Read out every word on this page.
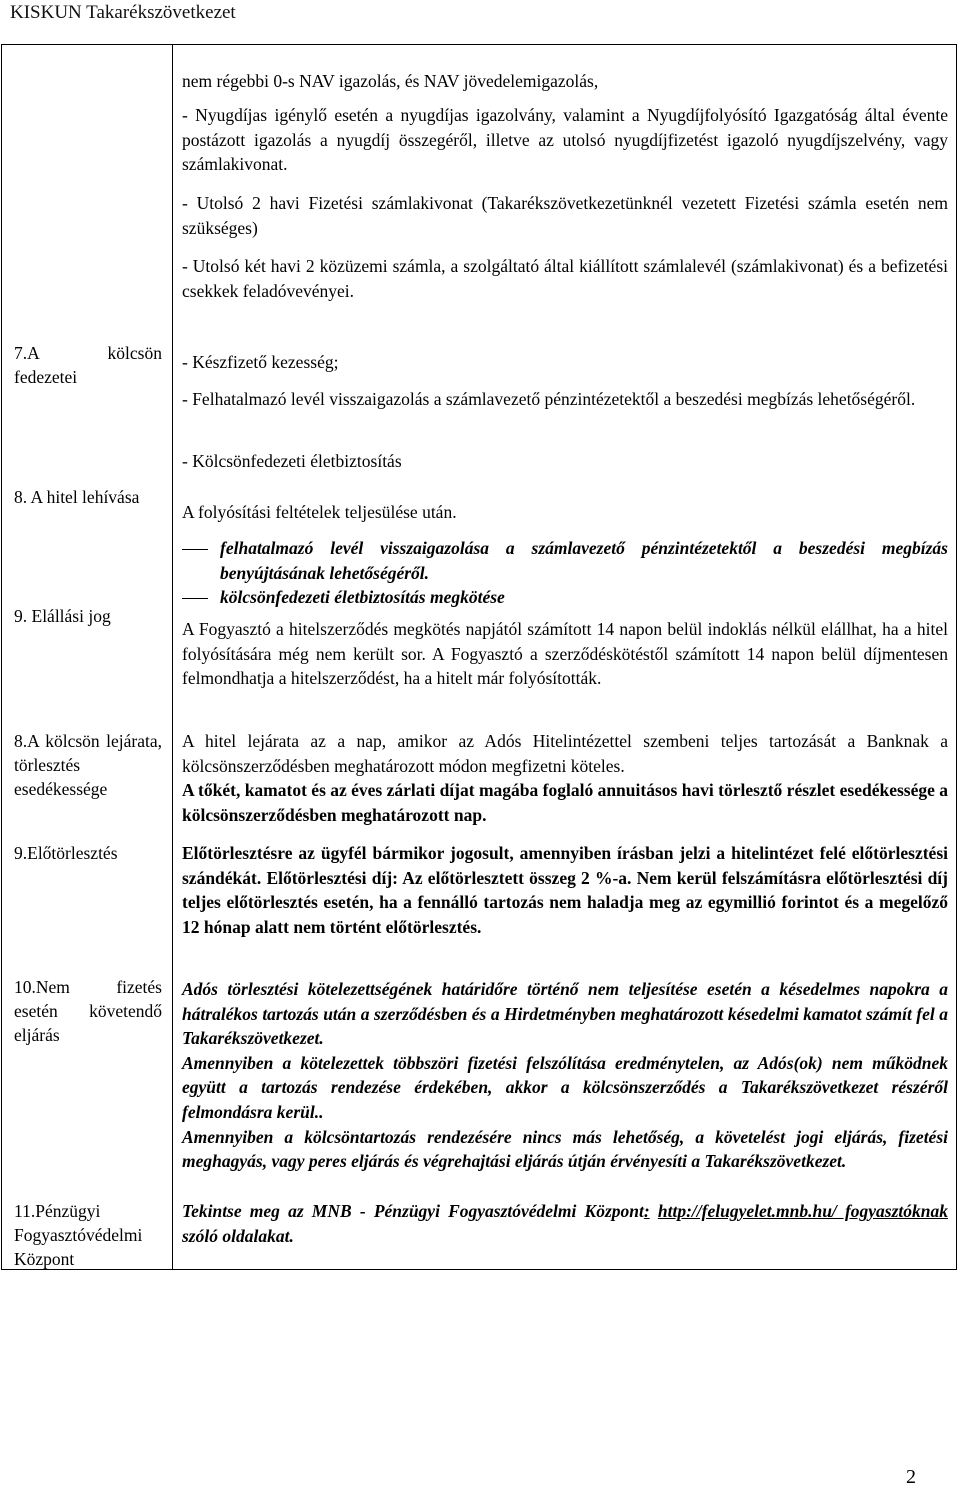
KISKUN Takarékszövetkezet
nem régebbi 0-s NAV igazolás, és NAV jövedelemigazolás,
- Nyugdíjas igénylő esetén a nyugdíjas igazolvány, valamint a Nyugdíjfolyósító Igazgatóság által évente postázott igazolás a nyugdíj összegéről, illetve az utolsó nyugdíjfizetést igazoló nyugdíjszelvény, vagy számlakivonat.
- Utolsó 2 havi Fizetési számlakivonat (Takarékszövetkezetünknél vezetett Fizetési számla esetén nem szükséges)
- Utolsó két havi 2 közüzemi számla, a szolgáltató által kiállított számlalevél (számlakivonat) és a befizetési csekkek feladóvevényei.
7.A kölcsön fedezetei
- Készfizető kezesség;
- Felhatalmazó levél visszaigazolás a számlavezető pénzintézetektől a beszedési megbízás lehetőségéről.
- Kölcsönfedezeti életbiztosítás
8. A hitel lehívása
A folyósítási feltételek teljesülése után.
felhatalmazó levél visszaigazolása a számlavezető pénzintézetektől a beszedési megbízás benyújtásának lehetőségéről.
kölcsönfedezeti életbiztosítás megkötése
9. Elállási jog
A Fogyasztó a hitelszerződés megkötés napjától számított 14 napon belül indoklás nélkül elállhat, ha a hitel folyósítására még nem került sor. A Fogyasztó a szerződéskötéstől számított 14 napon belül díjmentesen felmondhatja a hitelszerződést, ha a hitelt már folyósították.
8.A kölcsön lejárata, törlesztés esedékessége

A hitel lejárata az a nap, amikor az Adós Hitelintézettel szembeni teljes tartozását a Banknak a kölcsönszerződésben meghatározott módon megfizetni köteles.

A tőkét, kamatot és az éves zárlati díjat magába foglaló annuitásos havi törlesztő részlet esedékessége a kölcsönszerződésben meghatározott nap.

9.Előtörlesztés	Előtörlesztésre az ügyfél bármikor jogosult, amennyiben írásban jelzi a hitelintézet felé előtörlesztési szándékát. Előtörlesztési díj: Az előtörlesztett összeg 2 %-a. Nem kerül felszámításra előtörlesztési díj teljes előtörlesztés esetén, ha a fennálló tartozás nem haladja meg az egymillió forintot és a megelőző 12 hónap alatt nem történt előtörlesztés.
10.Nem fizetés esetén követendő eljárás

Adós törlesztési kötelezettségének határidőre történő nem teljesítése esetén a késedelmes napokra a hátralékos tartozás után a szerződésben és a Hirdetményben meghatározott késedelmi kamatot számít fel a Takarékszövetkezet.

Amennyiben a kötelezettek többszöri fizetési felszólítása eredménytelen, az Adós(ok) nem működnek együtt a tartozás rendezése érdekében, akkor a kölcsönszerződés a Takarékszövetkezet részéről felmondásra kerül..

Amennyiben a kölcsöntartozás rendezésére nincs más lehetőség, a követelést jogi eljárás, fizetési meghagyás, vagy peres eljárás és végrehajtási eljárás útján érvényesíti a Takarékszövetkezet.

11.Pénzügyi Fogyasztóvédelmi Központ
Tekintse meg az MNB - Pénzügyi Fogyasztóvédelmi Központ: http://felugyelet.mnb.hu/ fogyasztóknak szóló oldalakat.
2
